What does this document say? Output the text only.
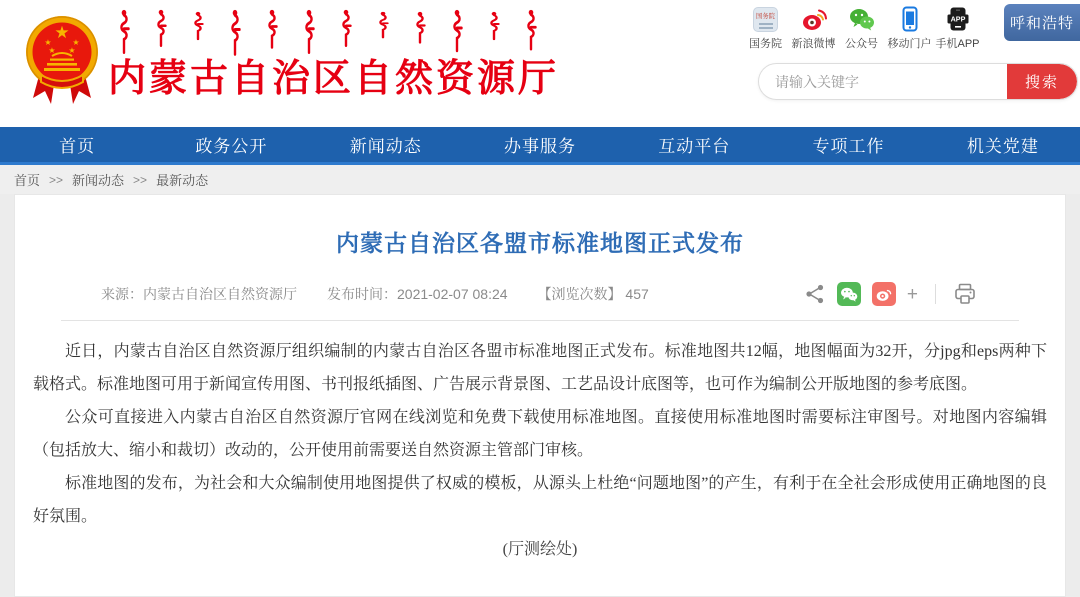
★
★	★
★ ★
内蒙古自治区自然资源厅
国务院
国务院 新浪微博 公众号 移动门户
APP
手机APP
呼和浩特
请输入关键字
搜索
首页	政务公开	新闻动态	办事服务	互动平台	专项工作	机关党建
首页 >> 新闻动态 >> 最新动态
内蒙古自治区各盟市标准地图正式发布
来源：内蒙古自治区自然资源厅 发布时间：2021-02-07 08:24 【浏览次数】 457	+

近日，内蒙古自治区自然资源厅组织编制的内蒙古自治区各盟市标准地图正式发布。标准地图共12幅，地图幅面为32开，分jpg和eps两种下载格式。标准地图可用于新闻宣传用图、书刊报纸插图、广告展示背景图、工艺品设计底图等，也可作为编制公开版地图的参考底图。

公众可直接进入内蒙古自治区自然资源厅官网在线浏览和免费下载使用标准地图。直接使用标准地图时需要标注审图号。对地图内容编辑（包括放大、缩小和裁切）改动的，公开使用前需要送自然资源主管部门审核。

标准地图的发布，为社会和大众编制使用地图提供了权威的模板，从源头上杜绝“问题地图”的产生，有利于在全社会形成使用正确地图的良好氛围。

(厅测绘处)
